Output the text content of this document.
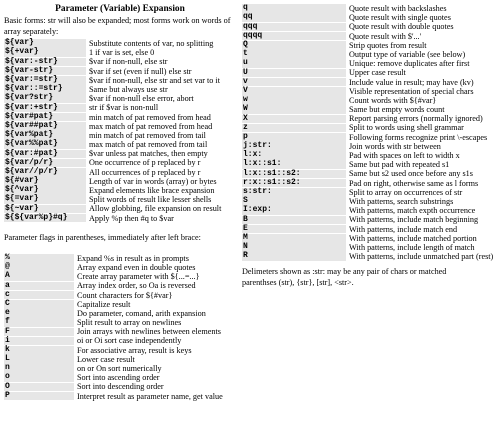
Parameter (Variable) Expansion
Basic forms: str will also be expanded; most forms work on words of array separately:
${var}	Substitute contents of var, no splitting
${+var}	1 if var is set, else 0
${var:-str}	$var if non-null, else str
${var-str}	$var if set (even if null) else str
${var:=str}	$var if non-null, else str and set var to it
${var::=str}	Same but always use str
${var?str}	$var if non-null else error, abort
${var:+str}	str if $var is non-null
${var#pat}	min match of pat removed from head
${var##pat}	max match of pat removed from head
${var%pat}	min match of pat removed from tail
${var%%pat}	max match of pat removed from tail
${var:#pat}	$var unless pat matches, then empty
${var/p/r}	One occurrence of p replaced by r
${var//p/r}	All occurrences of p replaced by r
${#var}	Length of var in words (array) or bytes
${^var}	Expand elements like brace expansion
${=var}	Split words of result like lesser shells
${~var}	Allow globbing, file expansion on result
${${var%p}#q}	Apply %p then #q to $var
Parameter flags in parentheses, immediately after left brace:
%	Expand %s in result as in prompts
@	Array expand even in double quotes
A	Create array parameter with ${...=...}
a	Array index order, so Oa is reversed
c	Count characters for ${#var}
C	Capitalize result
e	Do parameter, comand, arith expansion
f	Split result to array on newlines
F	Join arrays with newlines between elements
i	oi or Oi sort case independently
k	For associative array, result is keys
L	Lower case result
n	on or On sort numerically
o	Sort into ascending order
O	Sort into descending order
P	Interpret result as parameter name, get value
q	Quote result with backslashes
qq	Quote result with single quotes
qqq	Quote result with double quotes
qqqq	Quote result with $'...'
Q	Strip quotes from result
t	Output type of variable (see below)
u	Unique: remove duplicates after first
U	Upper case result
v	Include value in result; may have (kv)
V	Visible representation of special chars
w	Count words with ${#var}
W	Same but empty words count
X	Report parsing errors (normally ignored)
z	Split to words using shell grammar
p	Following forms recognize print \-escapes
j:str:	Join words with str between
l:x:	Pad with spaces on left to width x
l:x::s1:	Same but pad with repeated s1
l:x::s1::s2:	Same but s2 used once before any s1s
r:x::s1::s2:	Pad on right, otherwise same as l forms
s:str:	Split to array on occurrences of str
S	With patterns, search substrings
I:exp:	With patterns, match expth occurrence
B	With patterns, include match beginning
E	With patterns, include match end
M	With patterns, include matched portion
N	With patterns, include length of match
R	With patterns, include unmatched part (rest)
Delimeters shown as :str: may be any pair of chars or matched parenthses (str), {str}, [str], <str>.
